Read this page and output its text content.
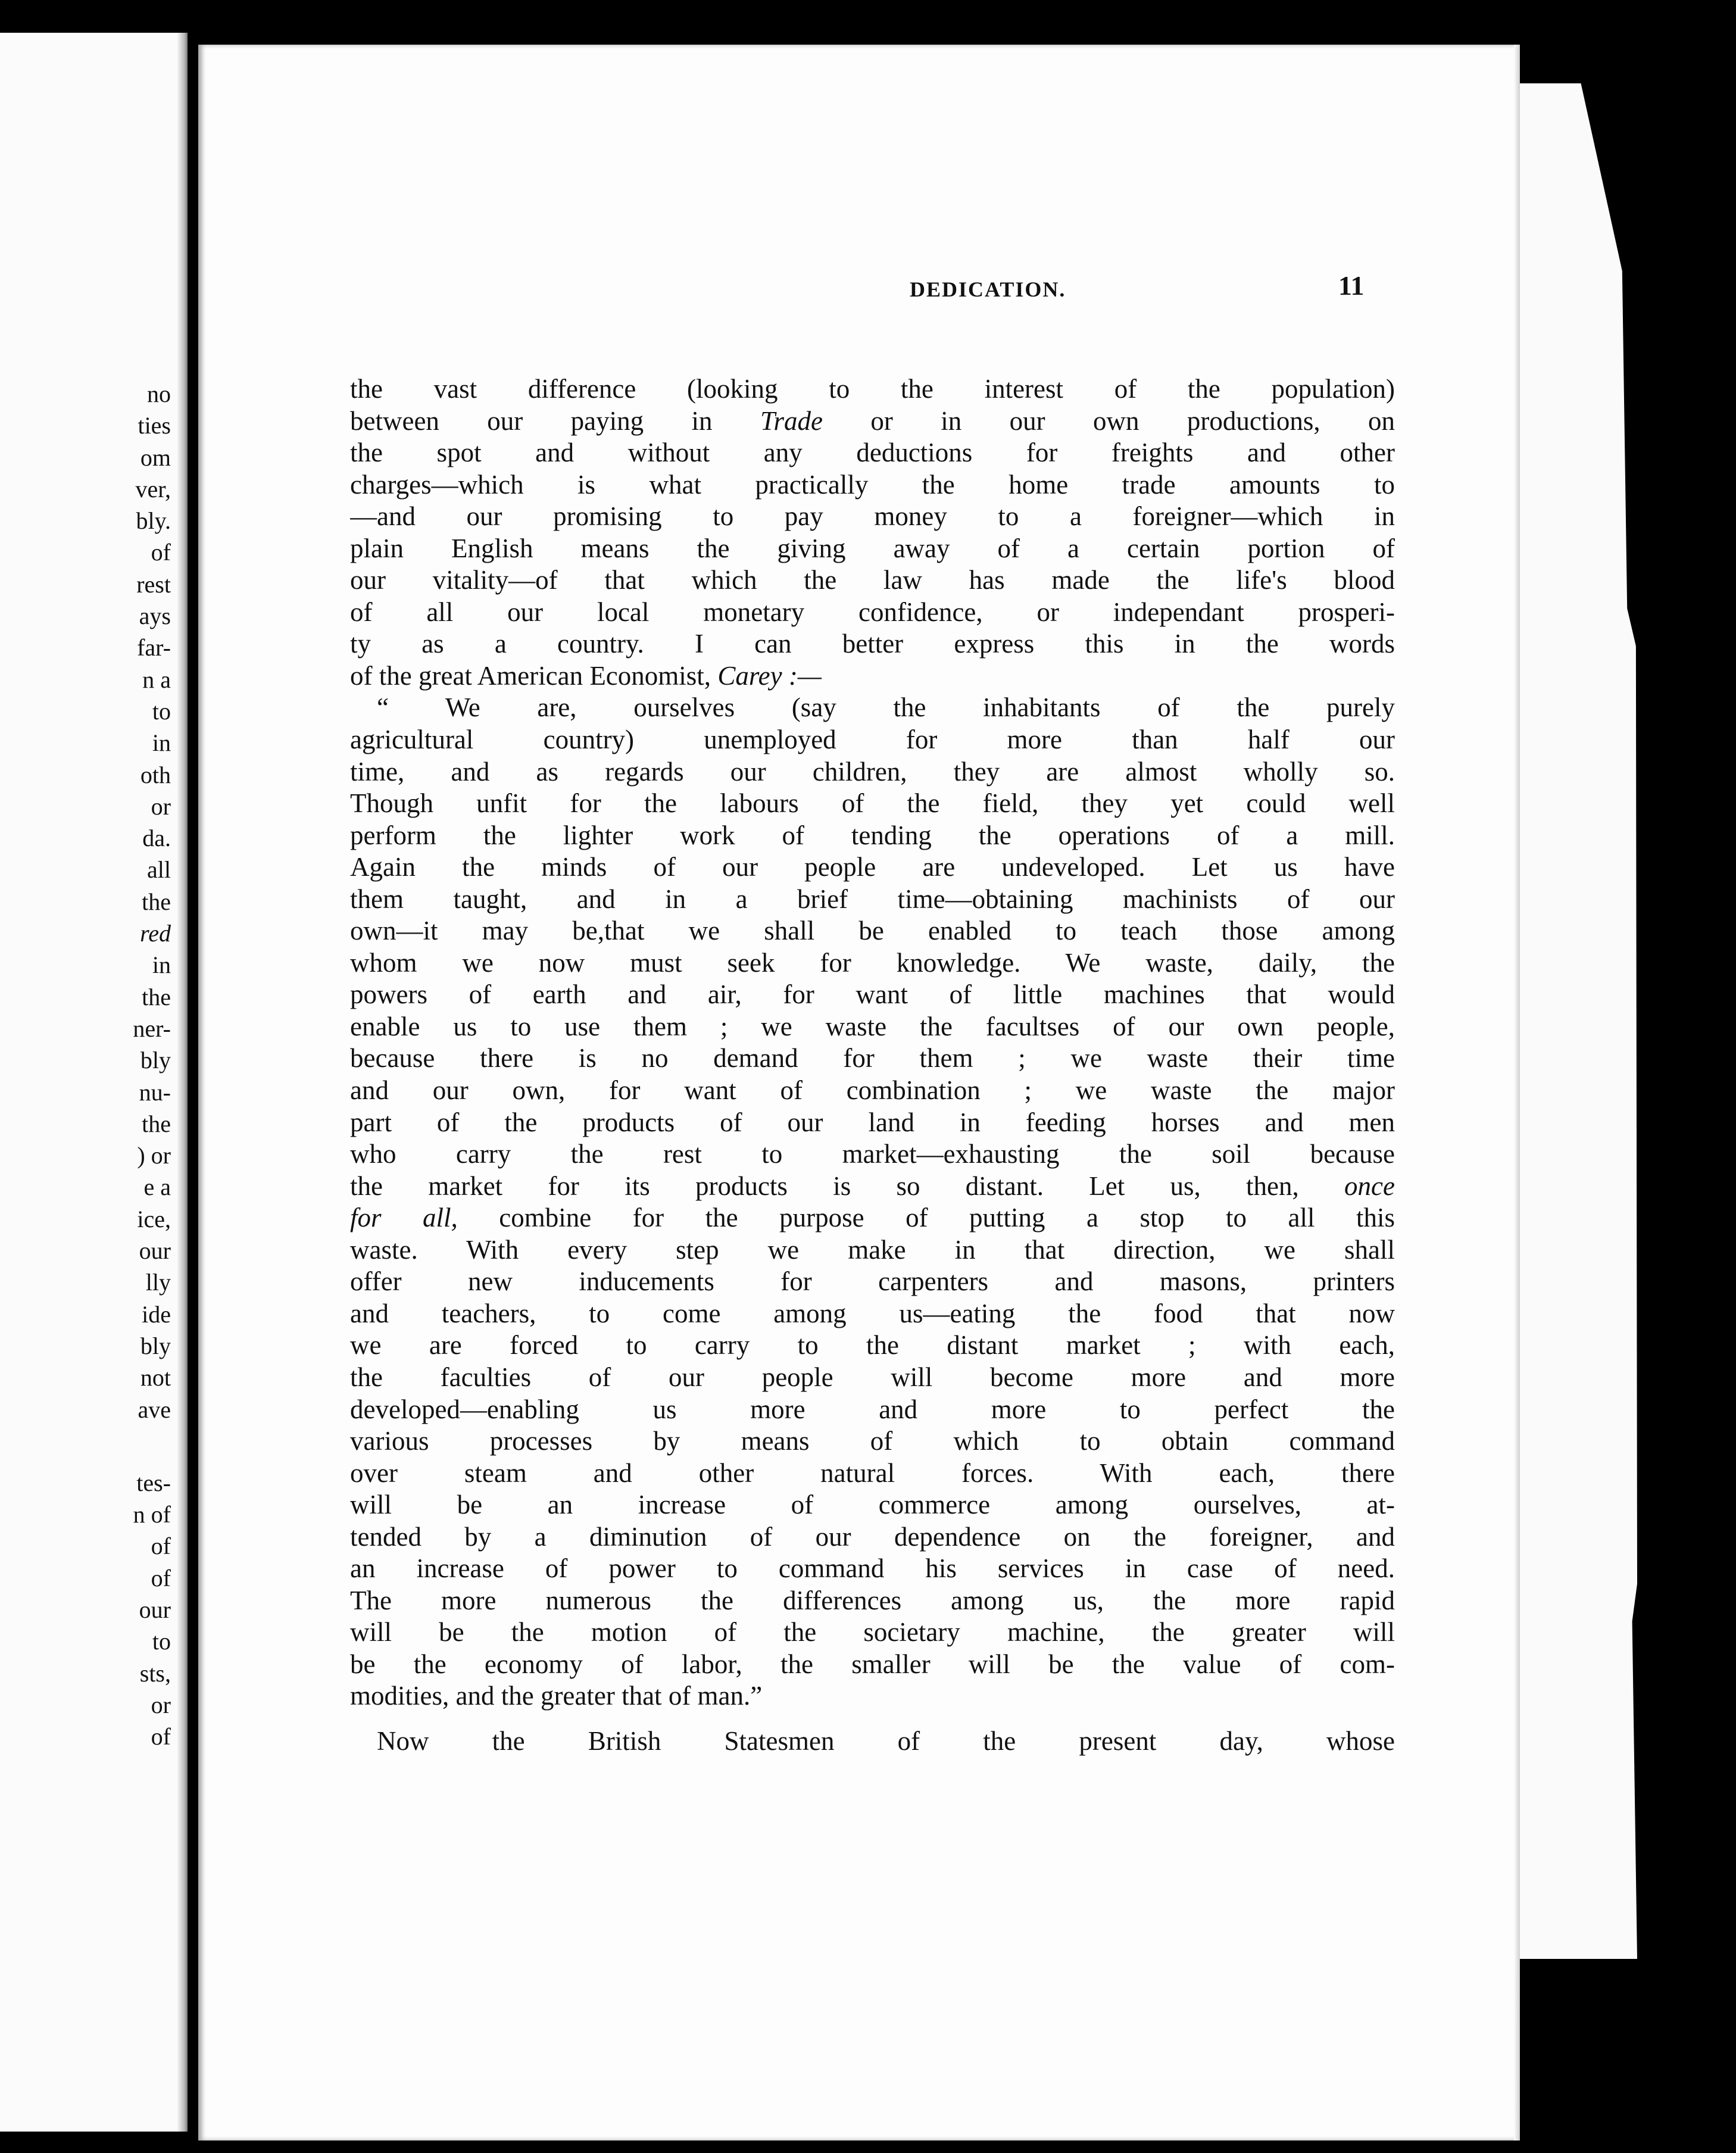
no
ties
om
ver,
bly.
of
rest
ays
far-
n a
to
in
oth
or
da.
all
the
red
in
the
ner-
bly
nu-
the
) or
e a
ice,
our
lly
ide
bly
not
ave
tes-
n of
of
of
our
to
sts,
or
of
DEDICATION.	11
the vast difference (looking to the interest of the population)
between our paying in Trade or in our own productions, on
the spot and without any deductions for freights and other
charges—which is what practically the home trade amounts to
—and our promising to pay money to a foreigner—which in
plain English means the giving away of a certain portion of
our vitality—of that which the law has made the life's blood
of all our local monetary confidence, or independant prosperi-
ty as a country. I can better express this in the words
of the great American Economist, Carey :—
“ We are, ourselves (say the inhabitants of the purely
agricultural country) unemployed for more than half our
time, and as regards our children, they are almost wholly so.
Though unfit for the labours of the field, they yet could well
perform the lighter work of tending the operations of a mill.
Again the minds of our people are undeveloped. Let us have
them taught, and in a brief time—obtaining machinists of our
own—it may be,that we shall be enabled to teach those among
whom we now must seek for knowledge. We waste, daily, the
powers of earth and air, for want of little machines that would
enable us to use them ; we waste the facultses of our own people,
because there is no demand for them ; we waste their time
and our own, for want of combination ; we waste the major
part of the products of our land in feeding horses and men
who carry the rest to market—exhausting the soil because
the market for its products is so distant. Let us, then, once
for all, combine for the purpose of putting a stop to all this
waste. With every step we make in that direction, we shall
offer new inducements for carpenters and masons, printers
and teachers, to come among us—eating the food that now
we are forced to carry to the distant market ; with each,
the faculties of our people will become more and more
developed—enabling us more and more to perfect the
various processes by means of which to obtain command
over steam and other natural forces. With each, there
will be an increase of commerce among ourselves, at-
tended by a diminution of our dependence on the foreigner, and
an increase of power to command his services in case of need.
The more numerous the differences among us, the more rapid
will be the motion of the societary machine, the greater will
be the economy of labor, the smaller will be the value of com-
modities, and the greater that of man.”
Now the British Statesmen of the present day, whose
